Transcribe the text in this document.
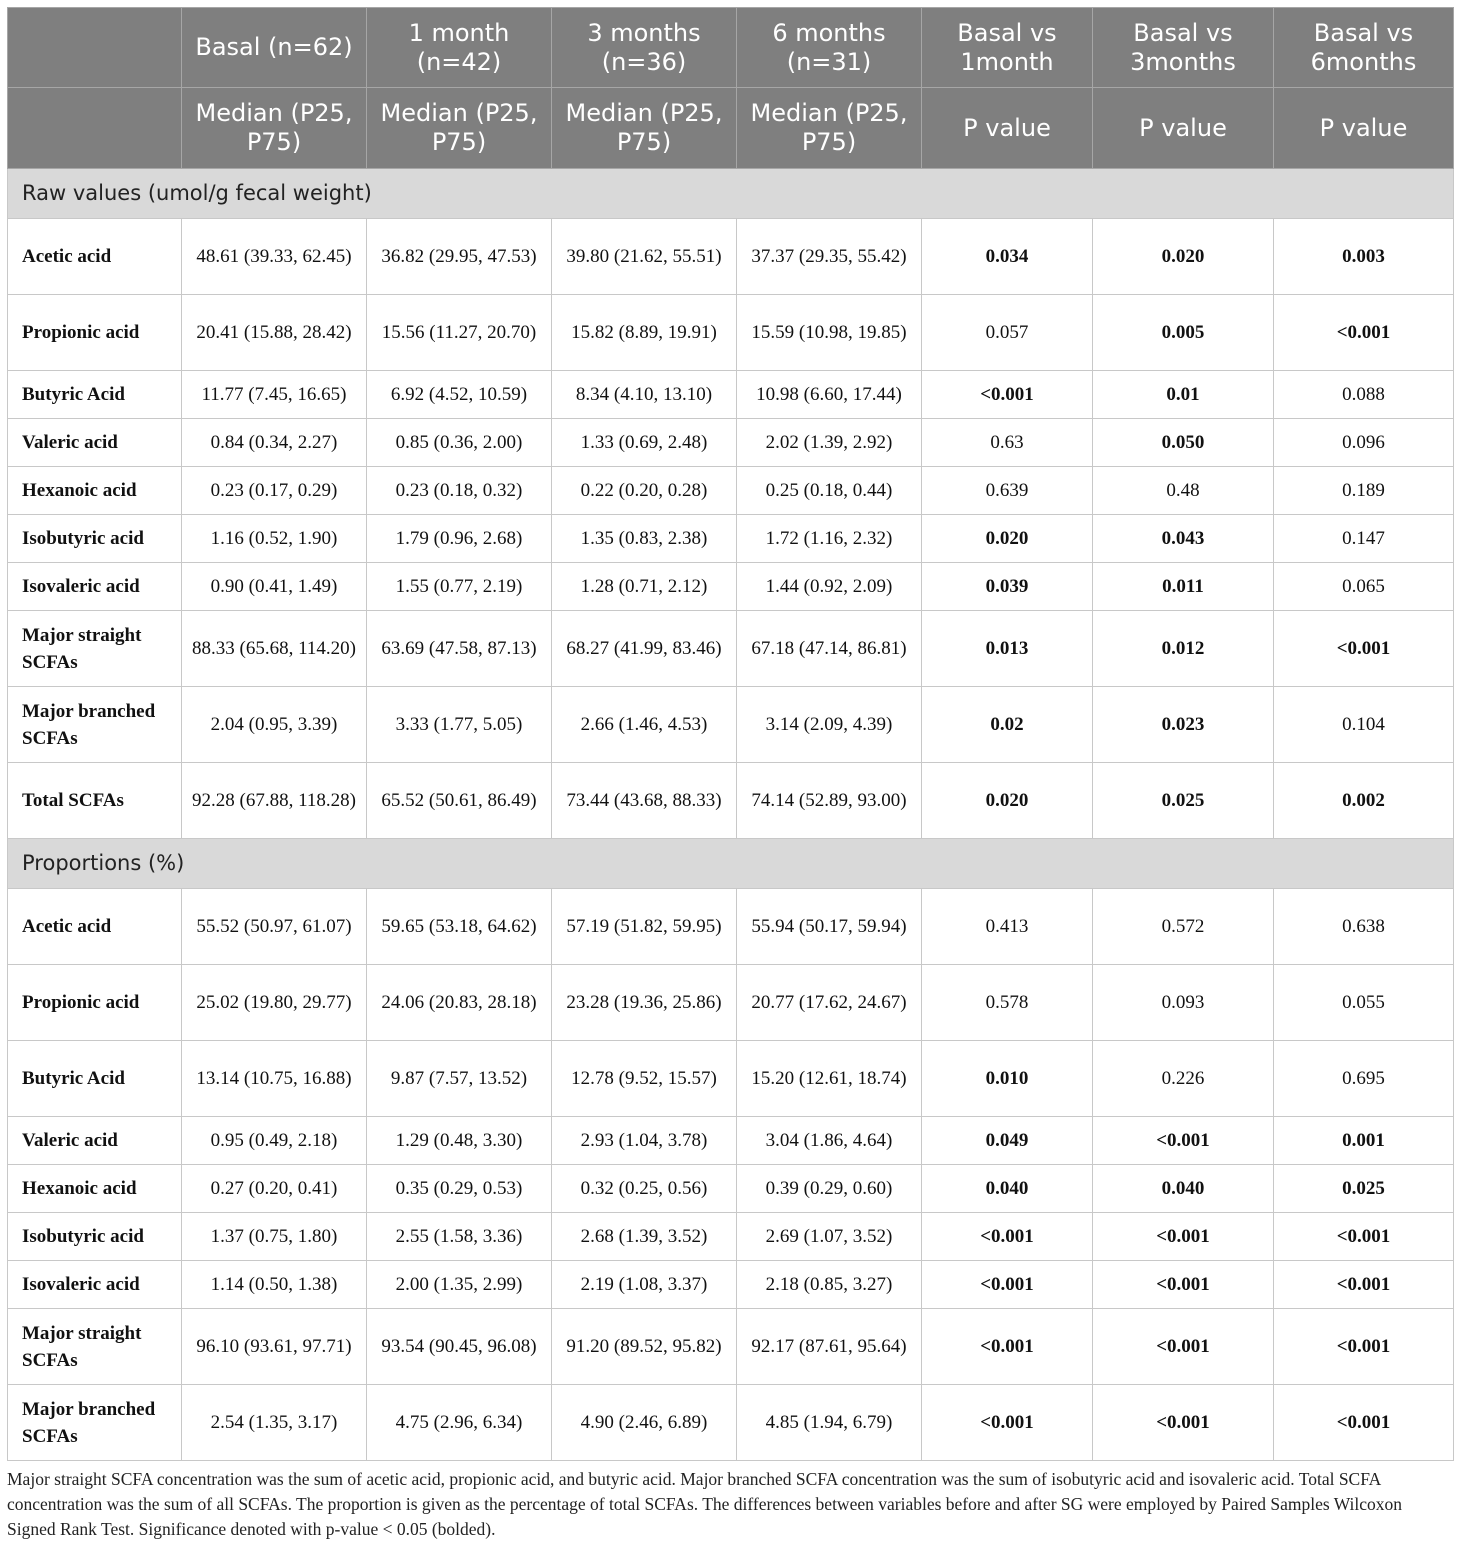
	Basal (n=62)	1 month (n=42)	3 months (n=36)	6 months (n=31)	Basal vs 1month	Basal vs 3months	Basal vs 6months
	Median (P25, P75)	Median (P25, P75)	Median (P25, P75)	Median (P25, P75)	P value	P value	P value
Raw values (umol/g fecal weight)							
Acetic acid	48.61 (39.33, 62.45)	36.82 (29.95, 47.53)	39.80 (21.62, 55.51)	37.37 (29.35, 55.42)	0.034	0.020	0.003
Propionic acid	20.41 (15.88, 28.42)	15.56 (11.27, 20.70)	15.82 (8.89, 19.91)	15.59 (10.98, 19.85)	0.057	0.005	<0.001
Butyric Acid	11.77 (7.45, 16.65)	6.92 (4.52, 10.59)	8.34 (4.10, 13.10)	10.98 (6.60, 17.44)	<0.001	0.01	0.088
Valeric acid	0.84 (0.34, 2.27)	0.85 (0.36, 2.00)	1.33 (0.69, 2.48)	2.02 (1.39, 2.92)	0.63	0.050	0.096
Hexanoic acid	0.23 (0.17, 0.29)	0.23 (0.18, 0.32)	0.22 (0.20, 0.28)	0.25 (0.18, 0.44)	0.639	0.48	0.189
Isobutyric acid	1.16 (0.52, 1.90)	1.79 (0.96, 2.68)	1.35 (0.83, 2.38)	1.72 (1.16, 2.32)	0.020	0.043	0.147
Isovaleric acid	0.90 (0.41, 1.49)	1.55 (0.77, 2.19)	1.28 (0.71, 2.12)	1.44 (0.92, 2.09)	0.039	0.011	0.065
Major straight SCFAs	88.33 (65.68, 114.20)	63.69 (47.58, 87.13)	68.27 (41.99, 83.46)	67.18 (47.14, 86.81)	0.013	0.012	<0.001
Major branched SCFAs	2.04 (0.95, 3.39)	3.33 (1.77, 5.05)	2.66 (1.46, 4.53)	3.14 (2.09, 4.39)	0.02	0.023	0.104
Total SCFAs	92.28 (67.88, 118.28)	65.52 (50.61, 86.49)	73.44 (43.68, 88.33)	74.14 (52.89, 93.00)	0.020	0.025	0.002
Proportions (%)							
Acetic acid	55.52 (50.97, 61.07)	59.65 (53.18, 64.62)	57.19 (51.82, 59.95)	55.94 (50.17, 59.94)	0.413	0.572	0.638
Propionic acid	25.02 (19.80, 29.77)	24.06 (20.83, 28.18)	23.28 (19.36, 25.86)	20.77 (17.62, 24.67)	0.578	0.093	0.055
Butyric Acid	13.14 (10.75, 16.88)	9.87 (7.57, 13.52)	12.78 (9.52, 15.57)	15.20 (12.61, 18.74)	0.010	0.226	0.695
Valeric acid	0.95 (0.49, 2.18)	1.29 (0.48, 3.30)	2.93 (1.04, 3.78)	3.04 (1.86, 4.64)	0.049	<0.001	0.001
Hexanoic acid	0.27 (0.20, 0.41)	0.35 (0.29, 0.53)	0.32 (0.25, 0.56)	0.39 (0.29, 0.60)	0.040	0.040	0.025
Isobutyric acid	1.37 (0.75, 1.80)	2.55 (1.58, 3.36)	2.68 (1.39, 3.52)	2.69 (1.07, 3.52)	<0.001	<0.001	<0.001
Isovaleric acid	1.14 (0.50, 1.38)	2.00 (1.35, 2.99)	2.19 (1.08, 3.37)	2.18 (0.85, 3.27)	<0.001	<0.001	<0.001
Major straight SCFAs	96.10 (93.61, 97.71)	93.54 (90.45, 96.08)	91.20 (89.52, 95.82)	92.17 (87.61, 95.64)	<0.001	<0.001	<0.001
Major branched SCFAs	2.54 (1.35, 3.17)	4.75 (2.96, 6.34)	4.90 (2.46, 6.89)	4.85 (1.94, 6.79)	<0.001	<0.001	<0.001
Major straight SCFA concentration was the sum of acetic acid, propionic acid, and butyric acid. Major branched SCFA concentration was the sum of isobutyric acid and isovaleric acid. Total SCFA concentration was the sum of all SCFAs. The proportion is given as the percentage of total SCFAs. The differences between variables before and after SG were employed by Paired Samples Wilcoxon Signed Rank Test. Significance denoted with p-value < 0.05 (bolded).
